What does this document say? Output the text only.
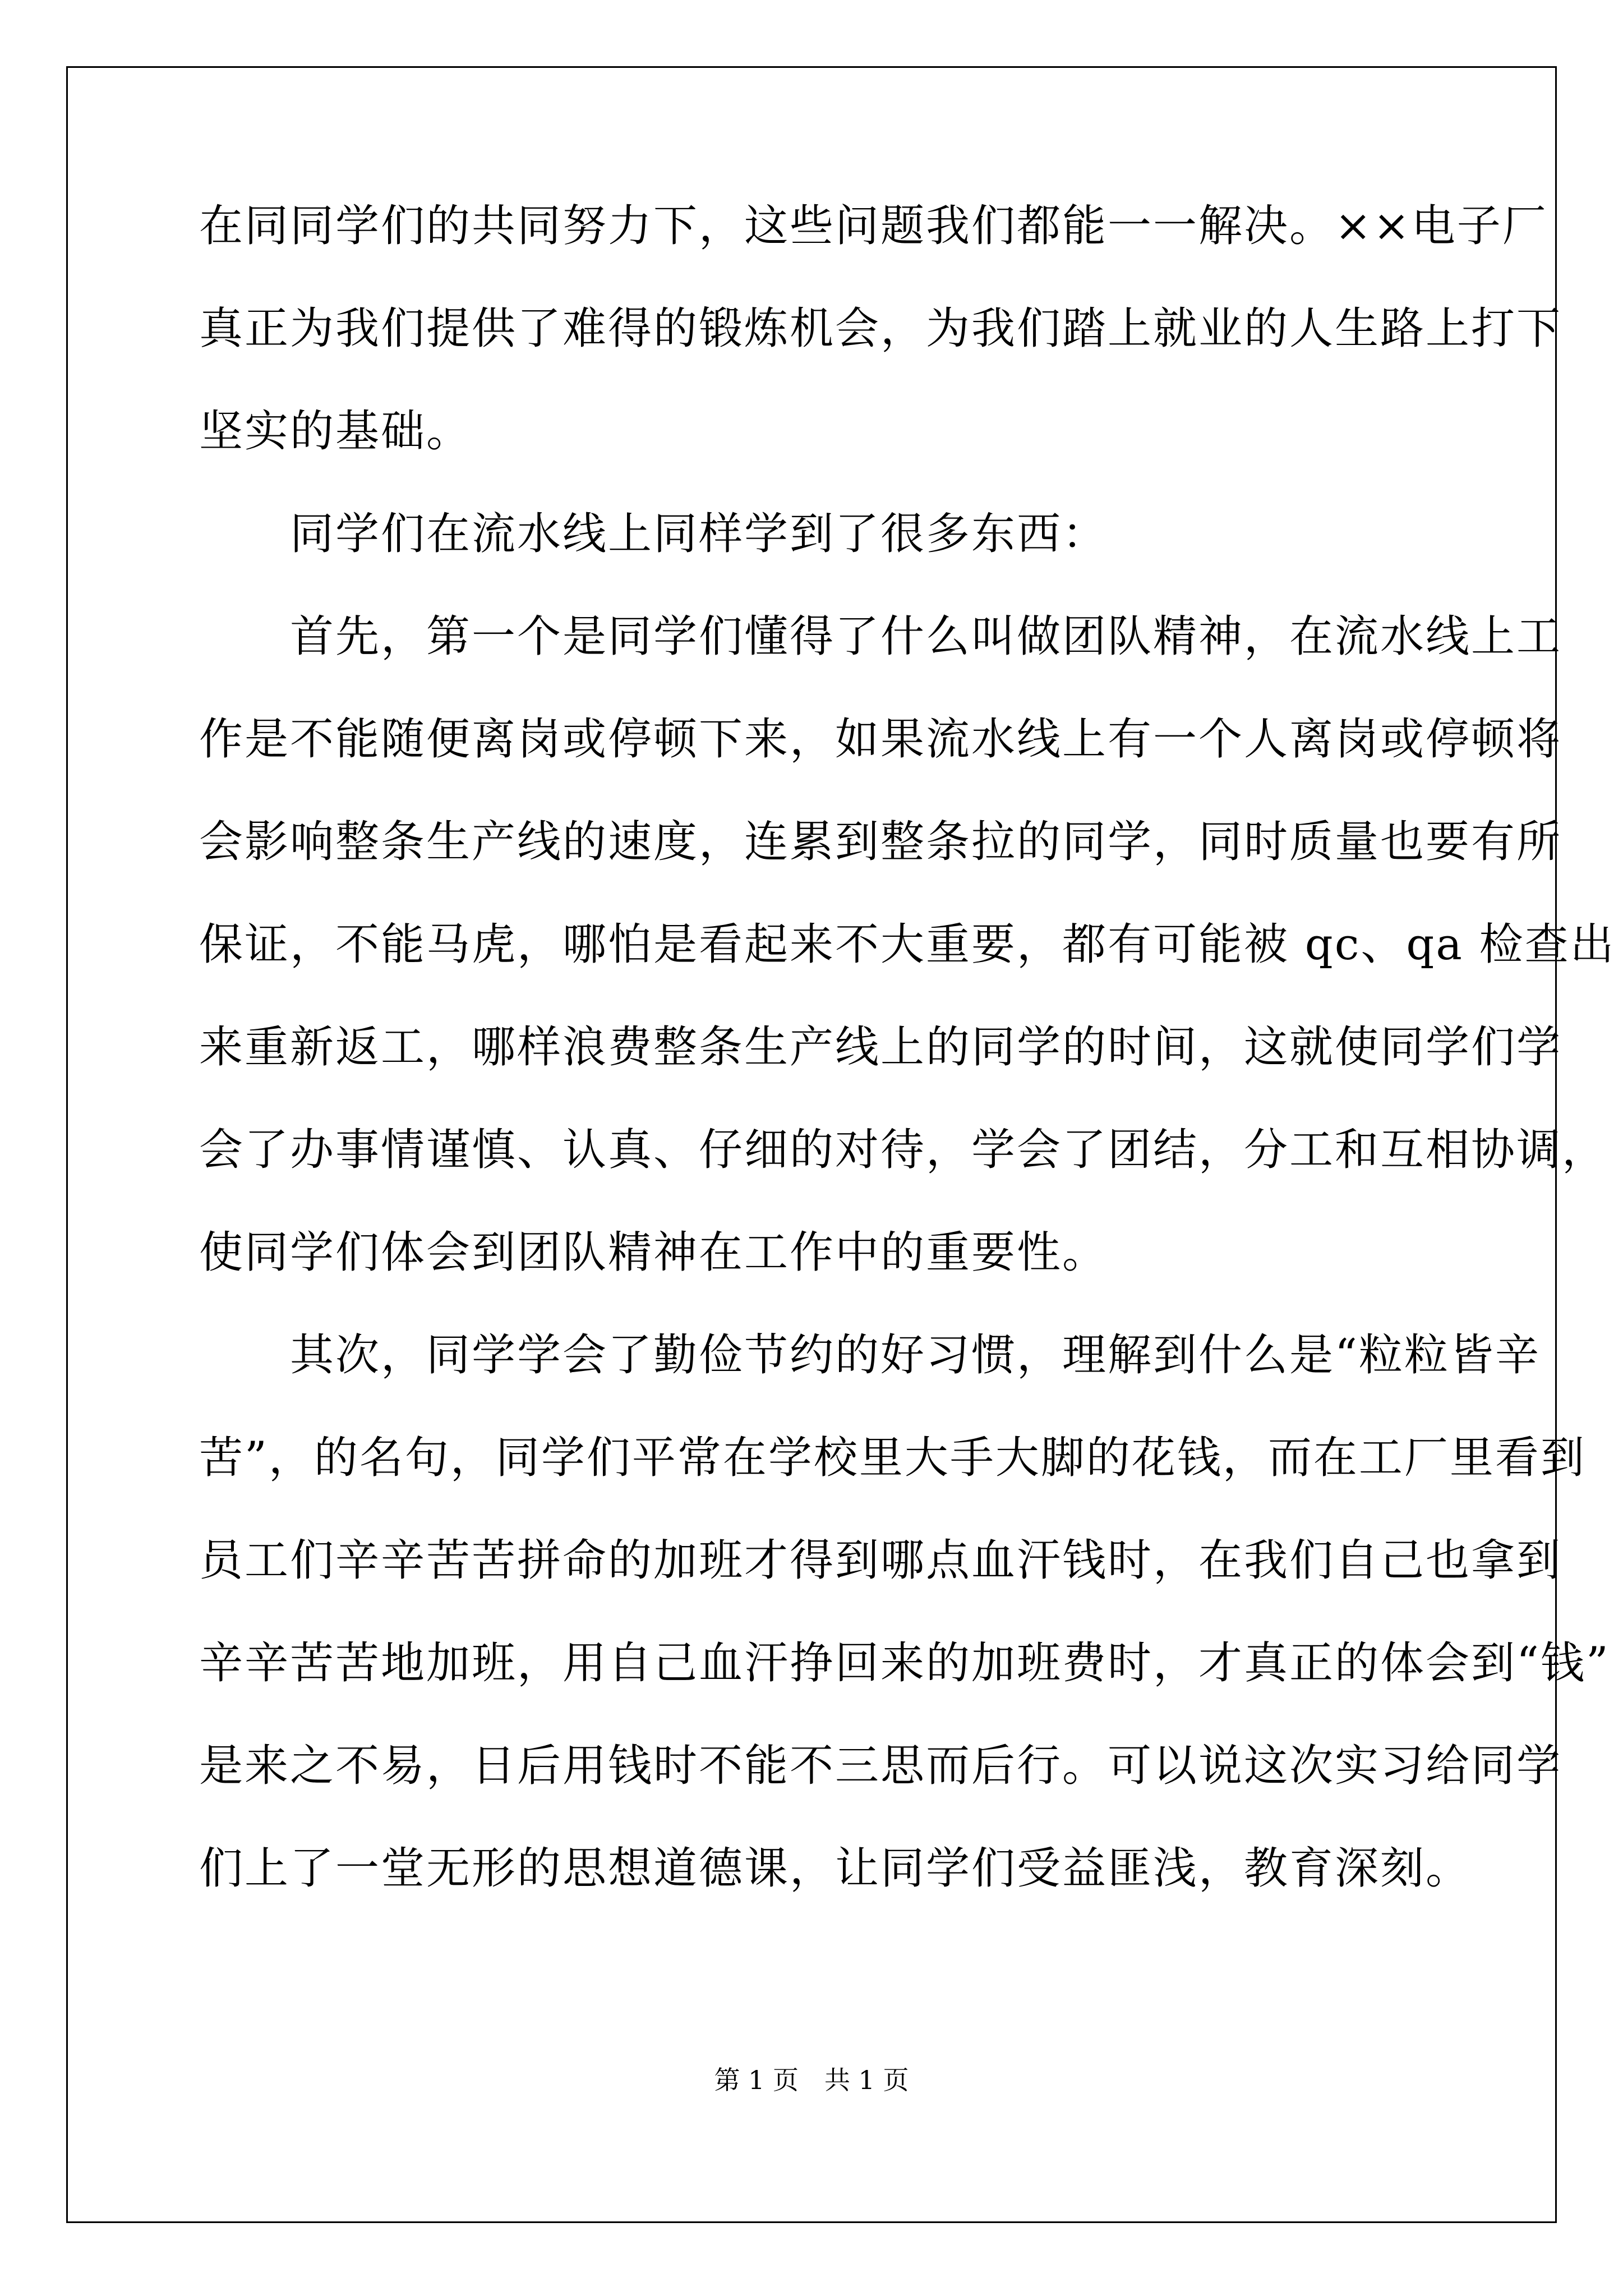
在同同学们的共同努力下，这些问题我们都能一一解决。××电子厂
真正为我们提供了难得的锻炼机会，为我们踏上就业的人生路上打下
坚实的基础。
　　同学们在流水线上同样学到了很多东西：
　　首先，第一个是同学们懂得了什么叫做团队精神，在流水线上工
作是不能随便离岗或停顿下来，如果流水线上有一个人离岗或停顿将
会影响整条生产线的速度，连累到整条拉的同学，同时质量也要有所
保证，不能马虎，哪怕是看起来不大重要，都有可能被 qc、qa 检查出
来重新返工，哪样浪费整条生产线上的同学的时间，这就使同学们学
会了办事情谨慎、认真、仔细的对待，学会了团结，分工和互相协调，
使同学们体会到团队精神在工作中的重要性。
　　其次，同学学会了勤俭节约的好习惯，理解到什么是“粒粒皆辛
苦”，的名句，同学们平常在学校里大手大脚的花钱，而在工厂里看到
员工们辛辛苦苦拼命的加班才得到哪点血汗钱时，在我们自己也拿到
辛辛苦苦地加班，用自己血汗挣回来的加班费时，才真正的体会到“钱”
是来之不易，日后用钱时不能不三思而后行。可以说这次实习给同学
们上了一堂无形的思想道德课，让同学们受益匪浅，教育深刻。
第 1 页　共 1 页
